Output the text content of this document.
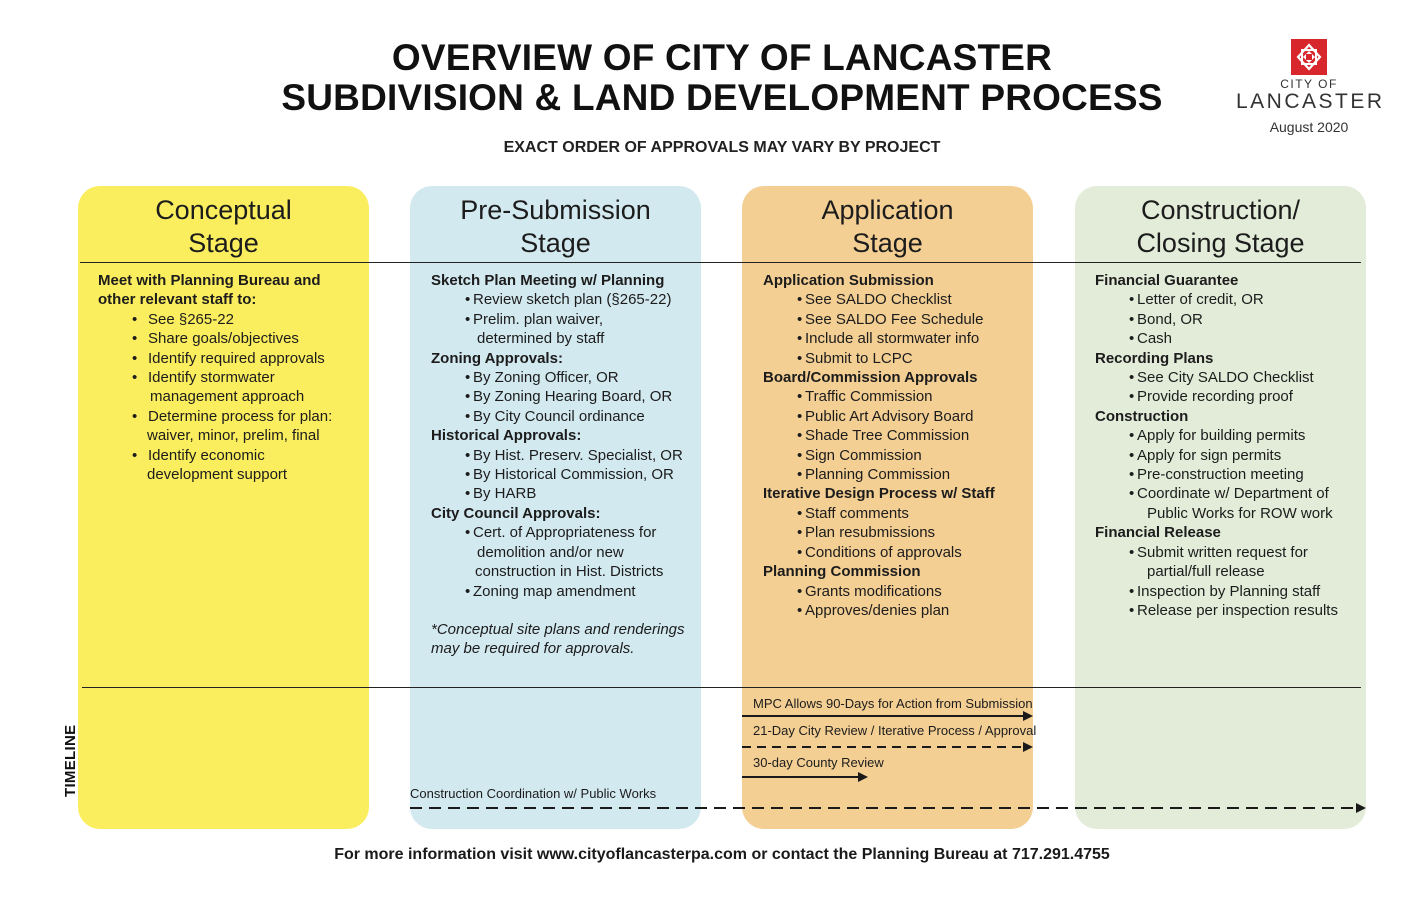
OVERVIEW OF CITY OF LANCASTER
SUBDIVISION & LAND DEVELOPMENT PROCESS
EXACT ORDER OF APPROVALS MAY VARY BY PROJECT
CITY OF
LANCASTER
August 2020
Conceptual
Stage
Pre-Submission
Stage
Application
Stage
Construction/
Closing Stage
Meet with Planning Bureau and
other relevant staff to:
• See §265-22
• Share goals/objectives
• Identify required approvals
• Identify stormwater
management approach
• Determine process for plan:
waiver, minor, prelim, final
• Identify economic
development support
Sketch Plan Meeting w/ Planning
• Review sketch plan (§265-22)
• Prelim. plan waiver,
determined by staff
Zoning Approvals:
• By Zoning Officer, OR
• By Zoning Hearing Board, OR
• By City Council ordinance
Historical Approvals:
• By Hist. Preserv. Specialist, OR
• By Historical Commission, OR
• By HARB
City Council Approvals:
• Cert. of Appropriateness for
demolition and/or new
construction in Hist. Districts
• Zoning map amendment
*Conceptual site plans and renderings
may be required for approvals.
Application Submission
• See SALDO Checklist
• See SALDO Fee Schedule
• Include all stormwater info
• Submit to LCPC
Board/Commission Approvals
• Traffic Commission
• Public Art Advisory Board
• Shade Tree Commission
• Sign Commission
• Planning Commission
Iterative Design Process w/ Staff
• Staff comments
• Plan resubmissions
• Conditions of approvals
Planning Commission
• Grants modifications
• Approves/denies plan
Financial Guarantee
• Letter of credit, OR
• Bond, OR
• Cash
Recording Plans
• See City SALDO Checklist
• Provide recording proof
Construction
• Apply for building permits
• Apply for sign permits
• Pre-construction meeting
• Coordinate w/ Department of
Public Works for ROW work
Financial Release
• Submit written request for
partial/full release
• Inspection by Planning staff
• Release per inspection results
TIMELINE
MPC Allows 90-Days for Action from Submission
21-Day City Review / Iterative Process / Approval
30-day County Review
Construction Coordination w/ Public Works
For more information visit www.cityoflancasterpa.com or contact the Planning Bureau at 717.291.4755
